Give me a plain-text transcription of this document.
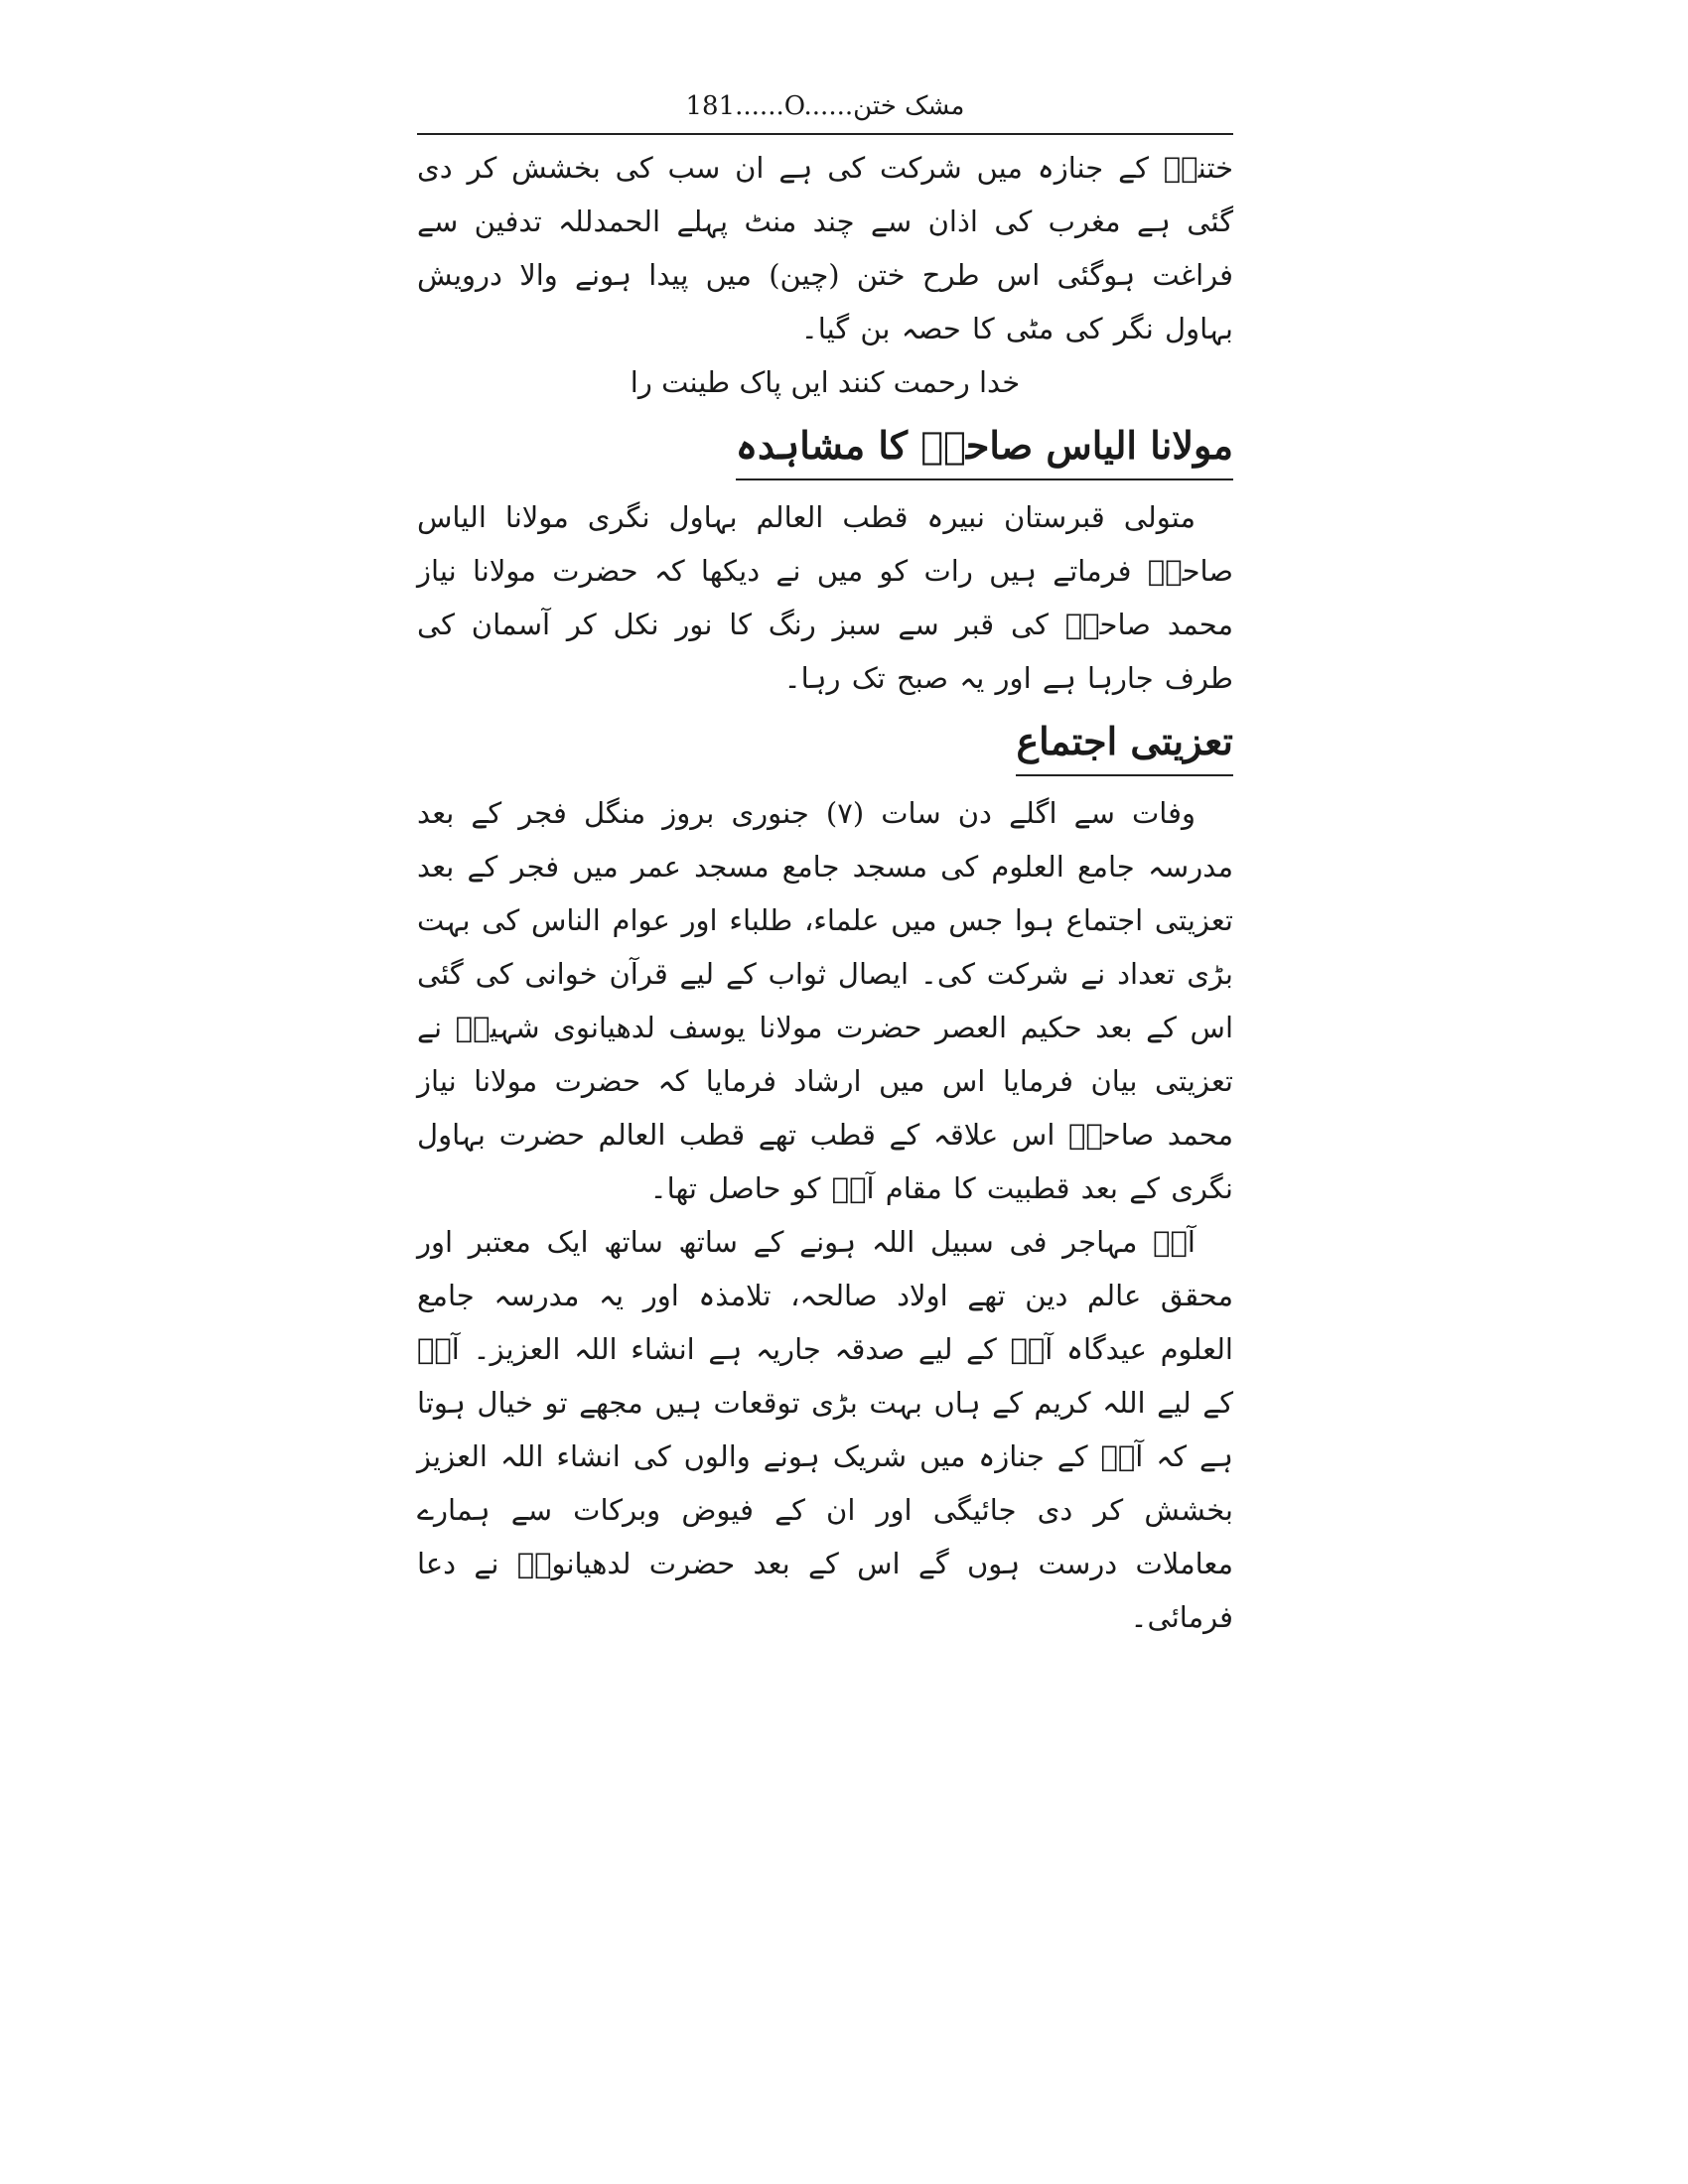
181......O......مشک ختن

ختنیؒ کے جنازہ میں شرکت کی ہے ان سب کی بخشش کر دی گئی ہے مغرب کی اذان سے چند منٹ پہلے الحمدللہ تدفین سے فراغت ہوگئی اس طرح ختن (چین) میں پیدا ہونے والا درویش بہاول نگر کی مٹی کا حصہ بن گیا۔

خدا رحمت کنند ایں پاک طینت را

مولانا الیاس صاحبؒ کا مشاہدہ

متولی قبرستان نبیرہ قطب العالم بہاول نگری مولانا الیاس صاحبؒ فرماتے ہیں رات کو میں نے دیکھا کہ حضرت مولانا نیاز محمد صاحبؒ کی قبر سے سبز رنگ کا نور نکل کر آسمان کی طرف جارہا ہے اور یہ صبح تک رہا۔

تعزیتی اجتماع

وفات سے اگلے دن سات (۷) جنوری بروز منگل فجر کے بعد مدرسہ جامع العلوم کی مسجد جامع مسجد عمر میں فجر کے بعد تعزیتی اجتماع ہوا جس میں علماء، طلباء اور عوام الناس کی بہت بڑی تعداد نے شرکت کی۔ ایصال ثواب کے لیے قرآن خوانی کی گئی اس کے بعد حکیم العصر حضرت مولانا یوسف لدھیانوی شہیدؒ نے تعزیتی بیان فرمایا اس میں ارشاد فرمایا کہ حضرت مولانا نیاز محمد صاحبؒ اس علاقہ کے قطب تھے قطب العالم حضرت بہاول نگری کے بعد قطبیت کا مقام آپؒ کو حاصل تھا۔

آپؒ مہاجر فی سبیل اللہ ہونے کے ساتھ ساتھ ایک معتبر اور محقق عالم دین تھے اولاد صالحہ، تلامذہ اور یہ مدرسہ جامع العلوم عیدگاہ آپؒ کے لیے صدقہ جاریہ ہے انشاء اللہ العزیز۔ آپؒ کے لیے اللہ کریم کے ہاں بہت بڑی توقعات ہیں مجھے تو خیال ہوتا ہے کہ آپؒ کے جنازہ میں شریک ہونے والوں کی انشاء اللہ العزیز بخشش کر دی جائیگی اور ان کے فیوض وبرکات سے ہمارے معاملات درست ہوں گے اس کے بعد حضرت لدھیانویؒ نے دعا فرمائی۔
